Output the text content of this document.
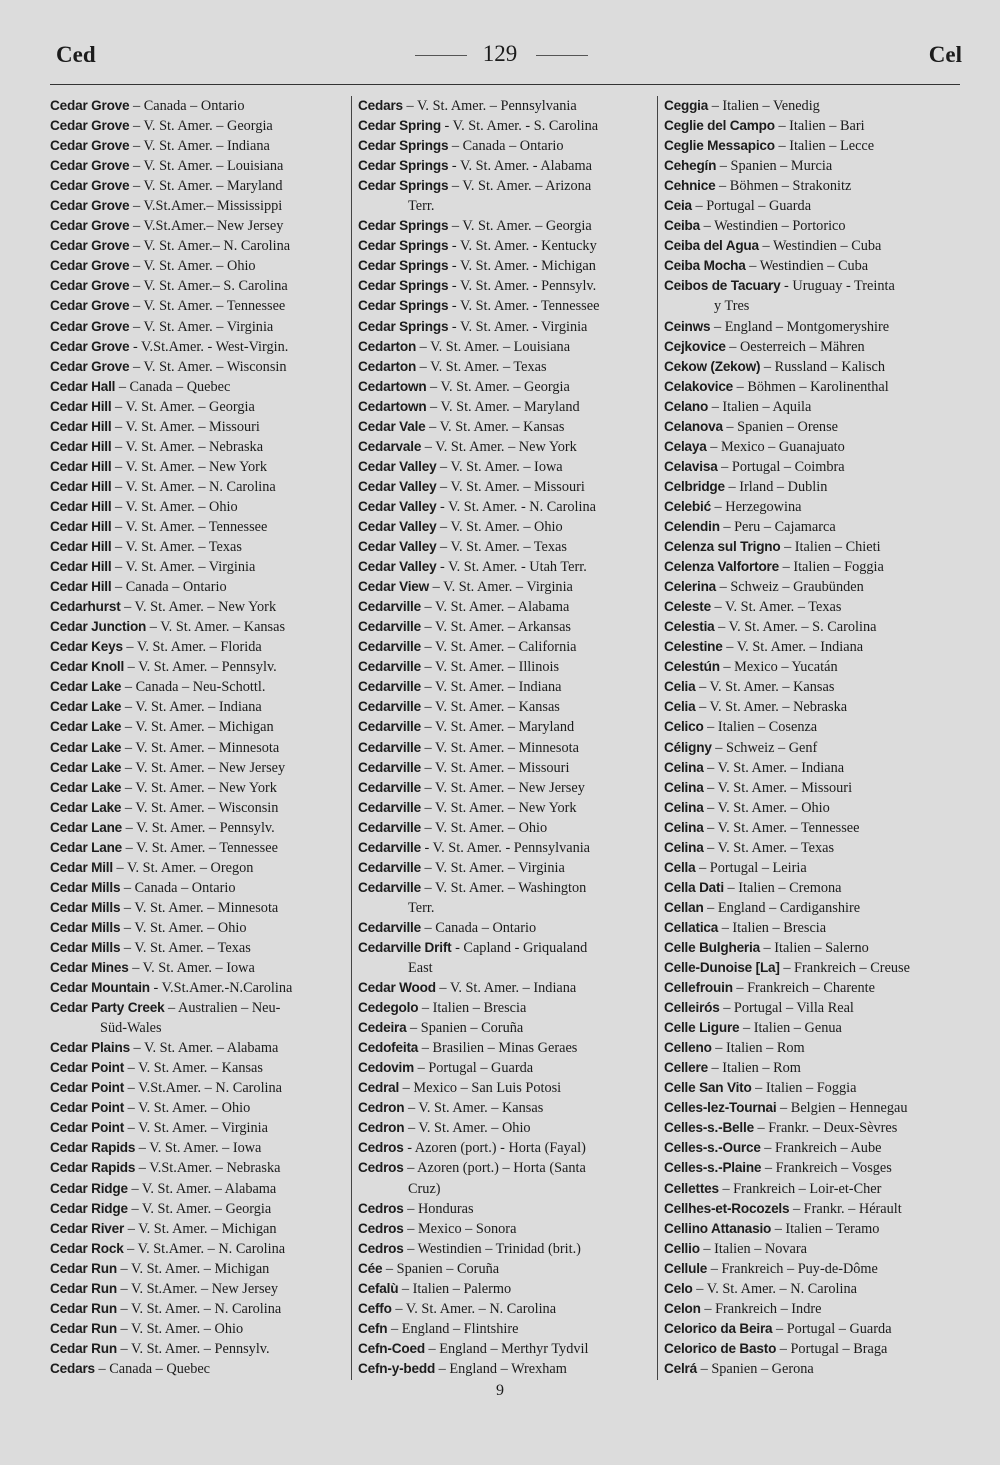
Ced	129	Cel
Cedar Grove – Canada – Ontario
Cedar Grove – V. St. Amer. – Georgia
Cedar Grove – V. St. Amer. – Indiana
Cedar Grove – V. St. Amer. – Louisiana
Cedar Grove – V. St. Amer. – Maryland
Cedar Grove – V.St.Amer.– Mississippi
Cedar Grove – V.St.Amer.– New Jersey
Cedar Grove – V. St. Amer.– N. Carolina
Cedar Grove – V. St. Amer. – Ohio
Cedar Grove – V. St. Amer.– S. Carolina
Cedar Grove – V. St. Amer. – Tennessee
Cedar Grove – V. St. Amer. – Virginia
Cedar Grove - V.St.Amer. - West-Virgin.
Cedar Grove – V. St. Amer. – Wisconsin
Cedar Hall – Canada – Quebec
Cedar Hill – V. St. Amer. – Georgia
Cedar Hill – V. St. Amer. – Missouri
Cedar Hill – V. St. Amer. – Nebraska
Cedar Hill – V. St. Amer. – New York
Cedar Hill – V. St. Amer. – N. Carolina
Cedar Hill – V. St. Amer. – Ohio
Cedar Hill – V. St. Amer. – Tennessee
Cedar Hill – V. St. Amer. – Texas
Cedar Hill – V. St. Amer. – Virginia
Cedar Hill – Canada – Ontario
Cedarhurst – V. St. Amer. – New York
Cedar Junction – V. St. Amer. – Kansas
Cedar Keys – V. St. Amer. – Florida
Cedar Knoll – V. St. Amer. – Pennsylv.
Cedar Lake – Canada – Neu-Schottl.
Cedar Lake – V. St. Amer. – Indiana
Cedar Lake – V. St. Amer. – Michigan
Cedar Lake – V. St. Amer. – Minnesota
Cedar Lake – V. St. Amer. – New Jersey
Cedar Lake – V. St. Amer. – New York
Cedar Lake – V. St. Amer. – Wisconsin
Cedar Lane – V. St. Amer. – Pennsylv.
Cedar Lane – V. St. Amer. – Tennessee
Cedar Mill – V. St. Amer. – Oregon
Cedar Mills – Canada – Ontario
Cedar Mills – V. St. Amer. – Minnesota
Cedar Mills – V. St. Amer. – Ohio
Cedar Mills – V. St. Amer. – Texas
Cedar Mines – V. St. Amer. – Iowa
Cedar Mountain - V.St.Amer.-N.Carolina
Cedar Party Creek – Australien – Neu-
Süd-Wales
Cedar Plains – V. St. Amer. – Alabama
Cedar Point – V. St. Amer. – Kansas
Cedar Point – V.St.Amer. – N. Carolina
Cedar Point – V. St. Amer. – Ohio
Cedar Point – V. St. Amer. – Virginia
Cedar Rapids – V. St. Amer. – Iowa
Cedar Rapids – V.St.Amer. – Nebraska
Cedar Ridge – V. St. Amer. – Alabama
Cedar Ridge – V. St. Amer. – Georgia
Cedar River – V. St. Amer. – Michigan
Cedar Rock – V. St.Amer. – N. Carolina
Cedar Run – V. St. Amer. – Michigan
Cedar Run – V. St.Amer. – New Jersey
Cedar Run – V. St. Amer. – N. Carolina
Cedar Run – V. St. Amer. – Ohio
Cedar Run – V. St. Amer. – Pennsylv.
Cedars – Canada – Quebec
Cedars – V. St. Amer. – Pennsylvania
Cedar Spring - V. St. Amer. - S. Carolina
Cedar Springs – Canada – Ontario
Cedar Springs - V. St. Amer. - Alabama
Cedar Springs – V. St. Amer. – Arizona
Terr.
Cedar Springs – V. St. Amer. – Georgia
Cedar Springs - V. St. Amer. - Kentucky
Cedar Springs - V. St. Amer. - Michigan
Cedar Springs - V. St. Amer. - Pennsylv.
Cedar Springs - V. St. Amer. - Tennessee
Cedar Springs - V. St. Amer. - Virginia
Cedarton – V. St. Amer. – Louisiana
Cedarton – V. St. Amer. – Texas
Cedartown – V. St. Amer. – Georgia
Cedartown – V. St. Amer. – Maryland
Cedar Vale – V. St. Amer. – Kansas
Cedarvale – V. St. Amer. – New York
Cedar Valley – V. St. Amer. – Iowa
Cedar Valley – V. St. Amer. – Missouri
Cedar Valley - V. St. Amer. - N. Carolina
Cedar Valley – V. St. Amer. – Ohio
Cedar Valley – V. St. Amer. – Texas
Cedar Valley - V. St. Amer. - Utah Terr.
Cedar View – V. St. Amer. – Virginia
Cedarville – V. St. Amer. – Alabama
Cedarville – V. St. Amer. – Arkansas
Cedarville – V. St. Amer. – California
Cedarville – V. St. Amer. – Illinois
Cedarville – V. St. Amer. – Indiana
Cedarville – V. St. Amer. – Kansas
Cedarville – V. St. Amer. – Maryland
Cedarville – V. St. Amer. – Minnesota
Cedarville – V. St. Amer. – Missouri
Cedarville – V. St. Amer. – New Jersey
Cedarville – V. St. Amer. – New York
Cedarville – V. St. Amer. – Ohio
Cedarville - V. St. Amer. - Pennsylvania
Cedarville – V. St. Amer. – Virginia
Cedarville – V. St. Amer. – Washington
Terr.
Cedarville – Canada – Ontario
Cedarville Drift - Capland - Griqualand
East
Cedar Wood – V. St. Amer. – Indiana
Cedegolo – Italien – Brescia
Cedeira – Spanien – Coruña
Cedofeita – Brasilien – Minas Geraes
Cedovim – Portugal – Guarda
Cedral – Mexico – San Luis Potosi
Cedron – V. St. Amer. – Kansas
Cedron – V. St. Amer. – Ohio
Cedros - Azoren (port.) - Horta (Fayal)
Cedros – Azoren (port.) – Horta (Santa
Cruz)
Cedros – Honduras
Cedros – Mexico – Sonora
Cedros – Westindien – Trinidad (brit.)
Cée – Spanien – Coruña
Cefalù – Italien – Palermo
Ceffo – V. St. Amer. – N. Carolina
Cefn – England – Flintshire
Cefn-Coed – England – Merthyr Tydvil
Cefn-y-bedd – England – Wrexham
Ceggia – Italien – Venedig
Ceglie del Campo – Italien – Bari
Ceglie Messapico – Italien – Lecce
Cehegín – Spanien – Murcia
Cehnice – Böhmen – Strakonitz
Ceia – Portugal – Guarda
Ceiba – Westindien – Portorico
Ceiba del Agua – Westindien – Cuba
Ceiba Mocha – Westindien – Cuba
Ceibos de Tacuary - Uruguay - Treinta
y Tres
Ceinws – England – Montgomeryshire
Cejkovice – Oesterreich – Mähren
Cekow (Zekow) – Russland – Kalisch
Celakovice – Böhmen – Karolinenthal
Celano – Italien – Aquila
Celanova – Spanien – Orense
Celaya – Mexico – Guanajuato
Celavisa – Portugal – Coimbra
Celbridge – Irland – Dublin
Celebić – Herzegowina
Celendin – Peru – Cajamarca
Celenza sul Trigno – Italien – Chieti
Celenza Valfortore – Italien – Foggia
Celerina – Schweiz – Graubünden
Celeste – V. St. Amer. – Texas
Celestia – V. St. Amer. – S. Carolina
Celestine – V. St. Amer. – Indiana
Celestún – Mexico – Yucatán
Celia – V. St. Amer. – Kansas
Celia – V. St. Amer. – Nebraska
Celico – Italien – Cosenza
Céligny – Schweiz – Genf
Celina – V. St. Amer. – Indiana
Celina – V. St. Amer. – Missouri
Celina – V. St. Amer. – Ohio
Celina – V. St. Amer. – Tennessee
Celina – V. St. Amer. – Texas
Cella – Portugal – Leiria
Cella Dati – Italien – Cremona
Cellan – England – Cardiganshire
Cellatica – Italien – Brescia
Celle Bulgheria – Italien – Salerno
Celle-Dunoise [La] – Frankreich – Creuse
Cellefrouin – Frankreich – Charente
Celleirós – Portugal – Villa Real
Celle Ligure – Italien – Genua
Celleno – Italien – Rom
Cellere – Italien – Rom
Celle San Vito – Italien – Foggia
Celles-lez-Tournai – Belgien – Hennegau
Celles-s.-Belle – Frankr. – Deux-Sèvres
Celles-s.-Ource – Frankreich – Aube
Celles-s.-Plaine – Frankreich – Vosges
Cellettes – Frankreich – Loir-et-Cher
Cellhes-et-Rocozels – Frankr. – Hérault
Cellino Attanasio – Italien – Teramo
Cellio – Italien – Novara
Cellule – Frankreich – Puy-de-Dôme
Celo – V. St. Amer. – N. Carolina
Celon – Frankreich – Indre
Celorico da Beira – Portugal – Guarda
Celorico de Basto – Portugal – Braga
Celrá – Spanien – Gerona
9
